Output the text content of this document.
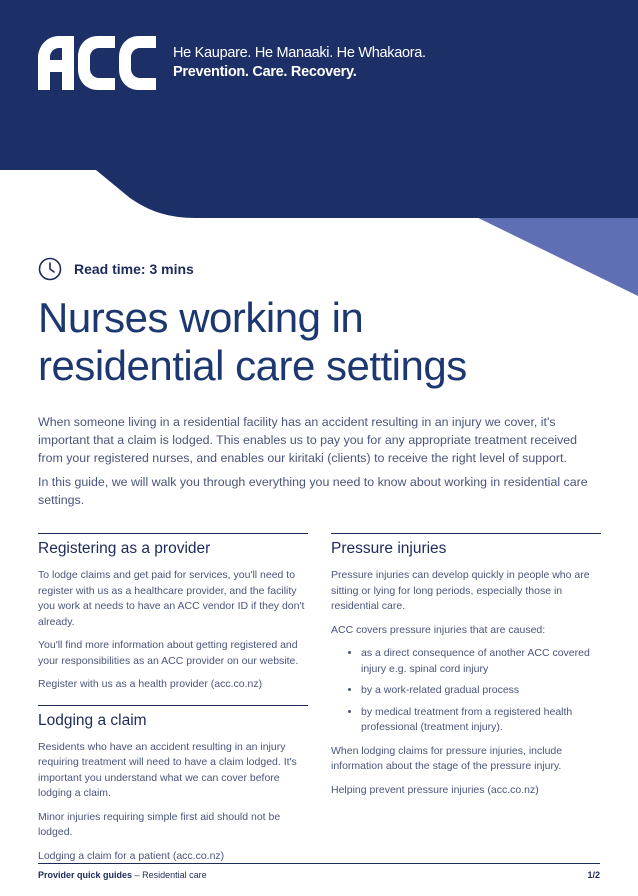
He Kaupare. He Manaaki. He Whakaora.
Prevention. Care. Recovery.
Read time: 3 mins
Nurses working in
residential care settings

When someone living in a residential facility has an accident resulting in an injury we cover, it's important that a claim is lodged. This enables us to pay you for any appropriate treatment received from your registered nurses, and enables our kiritaki (clients) to receive the right level of support.

In this guide, we will walk you through everything you need to know about working in residential care settings.

Registering as a provider

To lodge claims and get paid for services, you'll need to register with us as a healthcare provider, and the facility you work at needs to have an ACC vendor ID if they don't already.

You'll find more information about getting registered and your responsibilities as an ACC provider on our website.

Register with us as a health provider (acc.co.nz)

Lodging a claim

Residents who have an accident resulting in an injury requiring treatment will need to have a claim lodged. It's important you understand what we can cover before lodging a claim.

Minor injuries requiring simple first aid should not be lodged.

Lodging a claim for a patient (acc.co.nz)

Pressure injuries

Pressure injuries can develop quickly in people who are sitting or lying for long periods, especially those in residential care.

ACC covers pressure injuries that are caused:

• as a direct consequence of another ACC covered injury e.g. spinal cord injury
• by a work-related gradual process
• by medical treatment from a registered health professional (treatment injury).

When lodging claims for pressure injuries, include information about the stage of the pressure injury.

Helping prevent pressure injuries (acc.co.nz)

Provider quick guides – Residential care	1/2
